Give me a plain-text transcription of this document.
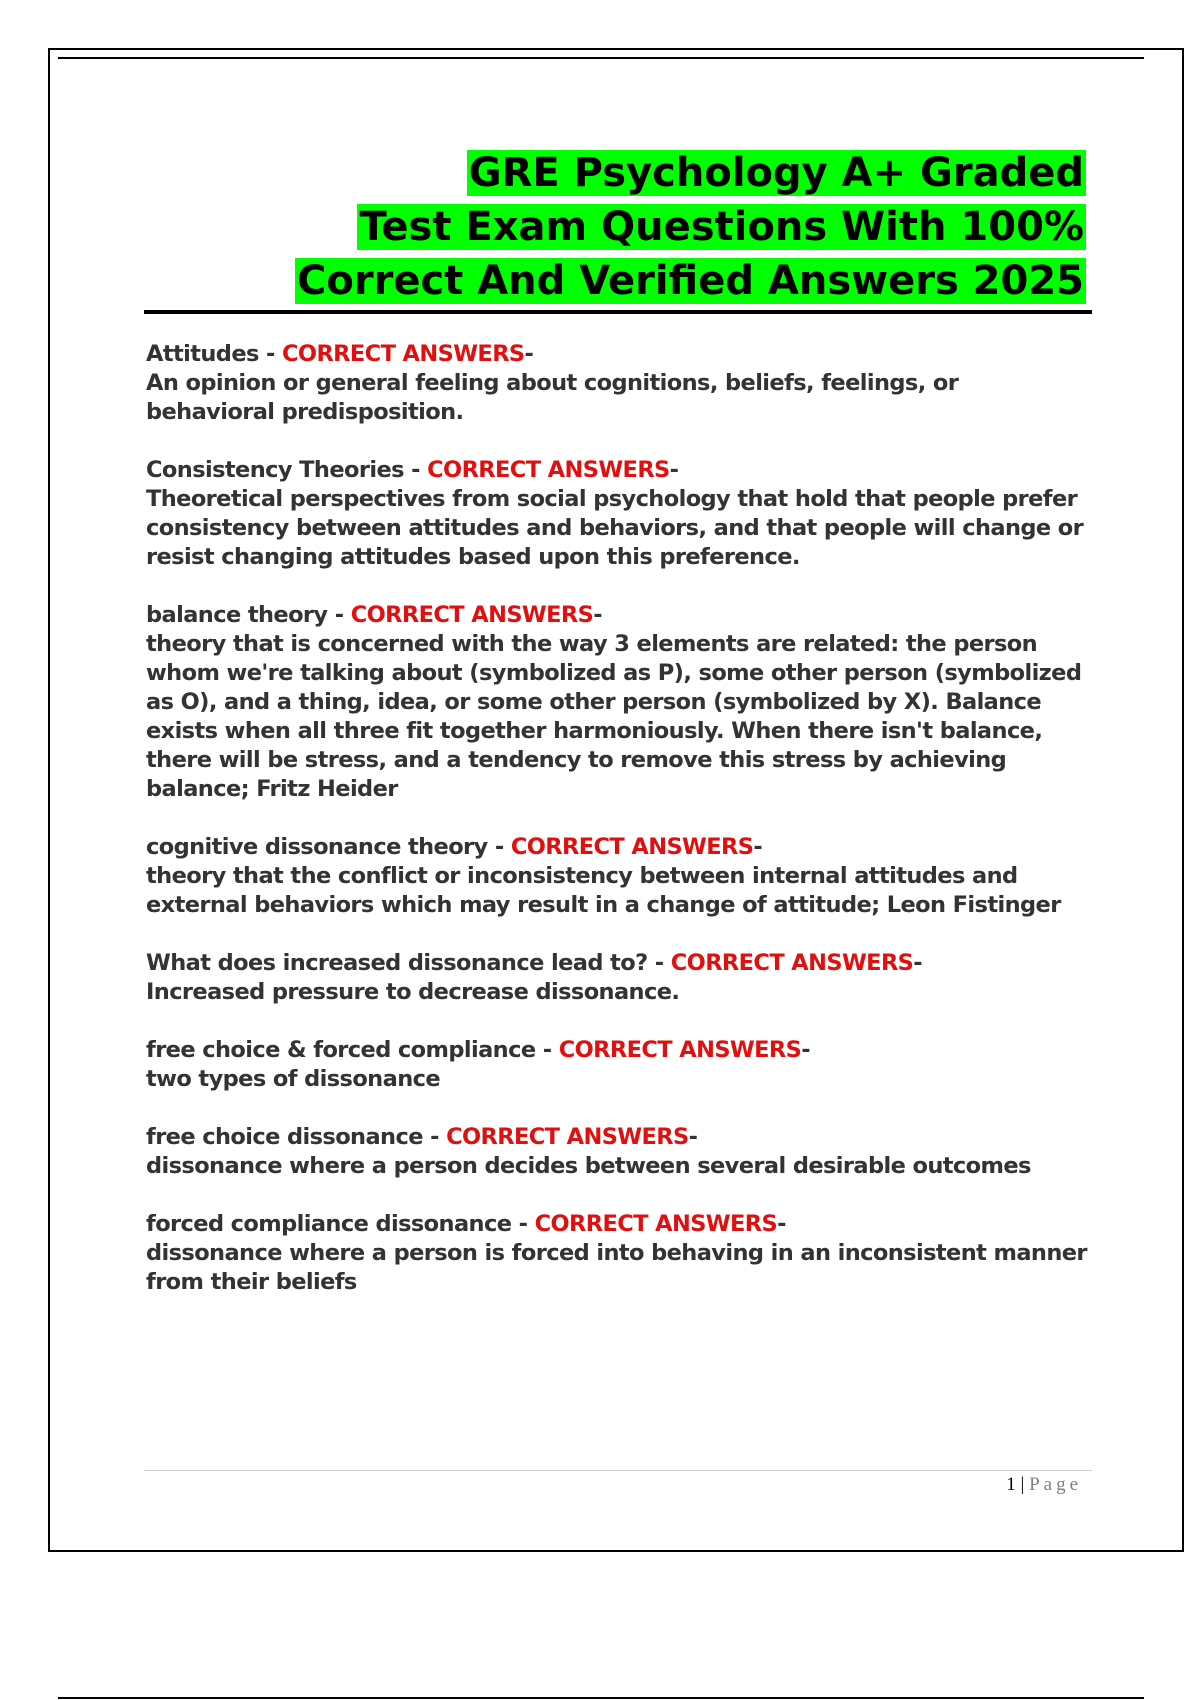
GRE Psychology A+ Graded
Test Exam Questions With 100%
Correct And Verified Answers 2025
Attitudes - CORRECT ANSWERS-
An opinion or general feeling about cognitions, beliefs, feelings, or behavioral predisposition.
Consistency Theories - CORRECT ANSWERS-
Theoretical perspectives from social psychology that hold that people prefer consistency between attitudes and behaviors, and that people will change or resist changing attitudes based upon this preference.
balance theory - CORRECT ANSWERS-
theory that is concerned with the way 3 elements are related: the person whom we're talking about (symbolized as P), some other person (symbolized as O), and a thing, idea, or some other person (symbolized by X). Balance exists when all three fit together harmoniously. When there isn't balance, there will be stress, and a tendency to remove this stress by achieving balance; Fritz Heider
cognitive dissonance theory - CORRECT ANSWERS-
theory that the conflict or inconsistency between internal attitudes and external behaviors which may result in a change of attitude; Leon Fistinger
What does increased dissonance lead to? - CORRECT ANSWERS-
Increased pressure to decrease dissonance.
free choice & forced compliance - CORRECT ANSWERS-
two types of dissonance
free choice dissonance - CORRECT ANSWERS-
dissonance where a person decides between several desirable outcomes
forced compliance dissonance - CORRECT ANSWERS-
dissonance where a person is forced into behaving in an inconsistent manner from their beliefs
1 | Page
